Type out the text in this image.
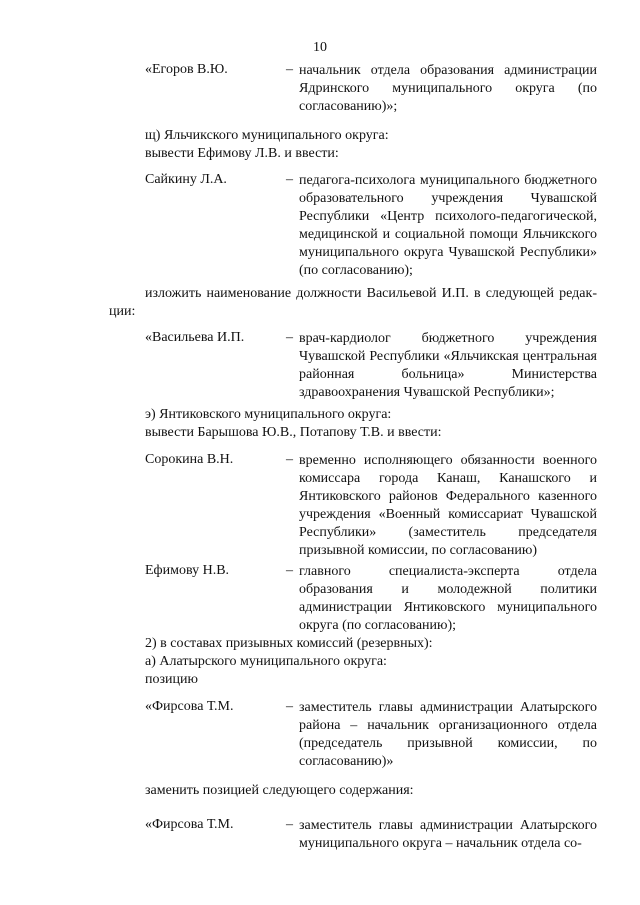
10
«Егоров В.Ю.	– начальник отдела образования администрации Ядринского муниципального округа (по согласованию)»;
щ) Яльчикского муниципального округа:
вывести Ефимову Л.В. и ввести:
Сайкину Л.А.	– педагога-психолога муниципального бюджетного образовательного учреждения Чувашской Республики «Центр психолого-педагогической, медицинской и социальной помощи Яльчикского муниципального округа Чувашской Республики» (по согласованию);
изложить наименование должности Васильевой И.П. в следующей редак-
ции:
«Васильева И.П.	– врач-кардиолог бюджетного учреждения Чувашской Республики «Яльчикская центральная районная больница» Министерства здравоохранения Чувашской Республики»;
э) Янтиковского муниципального округа:
вывести Барышова Ю.В., Потапову Т.В. и ввести:
Сорокина В.Н.	– временно исполняющего обязанности военного комиссара города Канаш, Канашского и Янтиковского районов Федерального казенного учреждения «Военный комиссариат Чувашской Республики» (заместитель председателя призывной комиссии, по согласованию)
Ефимову Н.В.	– главного специалиста-эксперта отдела образования и молодежной политики администрации Янтиковского муниципального округа (по согласованию);
2) в составах призывных комиссий (резервных):
а) Алатырского муниципального округа:
позицию
«Фирсова Т.М.	– заместитель главы администрации Алатырского района – начальник организационного отдела (председатель призывной комиссии, по согласованию)»
заменить позицией следующего содержания:
«Фирсова Т.М.	– заместитель главы администрации Алатырского муниципального округа – начальник отдела со-
